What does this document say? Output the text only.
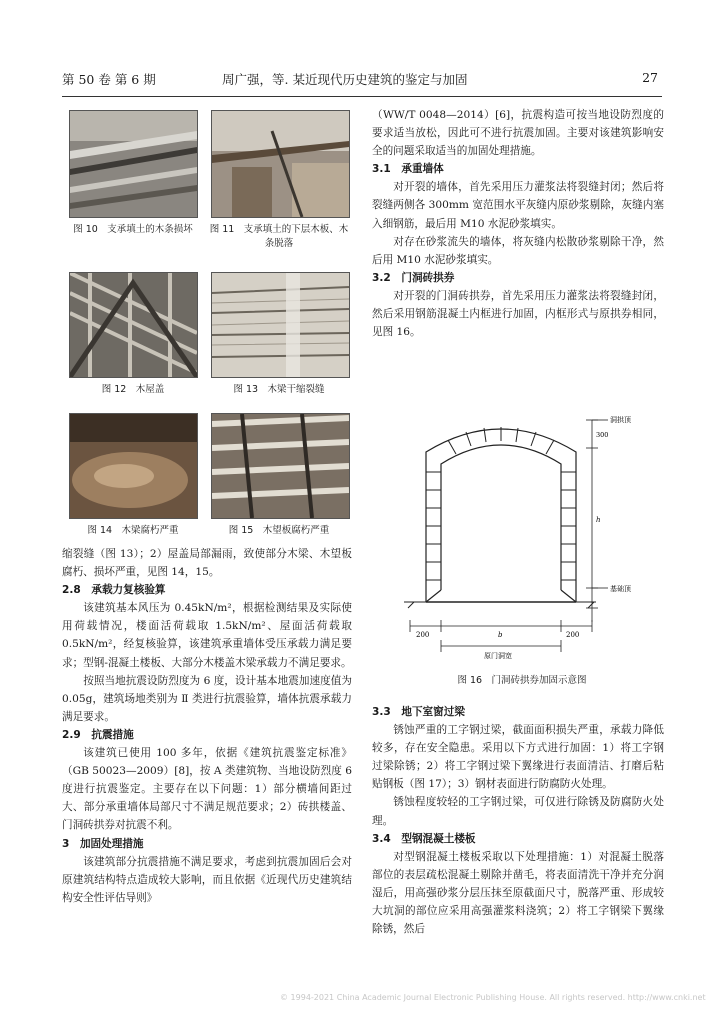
第 50 卷 第 6 期	周广强，等. 某近现代历史建筑的鉴定与加固	27
图 10　支承填土的木条损坏 图 11　支承填土的下层木板、木条脱落
图 12　木屋盖	图 13　木梁干缩裂缝
图 14　木梁腐朽严重	图 15　木望板腐朽严重

缩裂缝（图 13）；2）屋盖局部漏雨，致使部分木梁、木望板腐朽、损坏严重，见图 14，15。

2.8　承载力复核验算

该建筑基本风压为 0.45kN/m²，根据检测结果及实际使用荷载情况，楼面活荷载取 1.5kN/m²、屋面活荷载取 0.5kN/m²，经复核验算，该建筑承重墙体受压承载力满足要求；型钢-混凝土楼板、大部分木楼盖木梁承载力不满足要求。

按照当地抗震设防烈度为 6 度，设计基本地震加速度值为 0.05g，建筑场地类别为 Ⅱ 类进行抗震验算，墙体抗震承载力满足要求。

2.9　抗震措施

该建筑已使用 100 多年，依据《建筑抗震鉴定标准》（GB 50023—2009）[8]，按 A 类建筑物、当地设防烈度 6 度进行抗震鉴定。主要存在以下问题：1）部分横墙间距过大、部分承重墙体局部尺寸不满足规范要求；2）砖拱楼盖、门洞砖拱券对抗震不利。

3　加固处理措施

该建筑部分抗震措施不满足要求，考虑到抗震加固后会对原建筑结构特点造成较大影响，而且依据《近现代历史建筑结构安全性评估导则》

（WW/T 0048—2014）[6]，抗震构造可按当地设防烈度的要求适当放松，因此可不进行抗震加固。主要对该建筑影响安全的问题采取适当的加固处理措施。

3.1　承重墙体

对开裂的墙体，首先采用压力灌浆法将裂缝封闭；然后将裂缝两侧各 300mm 宽范围水平灰缝内原砂浆剔除，灰缝内塞入细钢筋，最后用 M10 水泥砂浆填实。

对存在砂浆流失的墙体，将灰缝内松散砂浆剔除干净，然后用 M10 水泥砂浆填实。

3.2　门洞砖拱券

对开裂的门洞砖拱券，首先采用压力灌浆法将裂缝封闭，然后采用钢筋混凝土内框进行加固，内框形式与原拱券相同，见图 16。

洞拱顶
基础顶
300
h
200	b	200
原门洞宽
图 16　门洞砖拱券加固示意图

3.3　地下室窗过梁

锈蚀严重的工字钢过梁，截面面积损失严重，承载力降低较多，存在安全隐患。采用以下方式进行加固：1）将工字钢过梁除锈；2）将工字钢过梁下翼缘进行表面清洁、打磨后粘贴钢板（图 17）；3）钢材表面进行防腐防火处理。

锈蚀程度较轻的工字钢过梁，可仅进行除锈及防腐防火处理。

3.4　型钢混凝土楼板

对型钢混凝土楼板采取以下处理措施：1）对混凝土脱落部位的表层疏松混凝土剔除并凿毛，将表面清洗干净并充分润湿后，用高强砂浆分层压抹至原截面尺寸，脱落严重、形成较大坑洞的部位应采用高强灌浆料浇筑；2）将工字钢梁下翼缘除锈，然后

© 1994-2021 China Academic Journal Electronic Publishing House. All rights reserved. http://www.cnki.net
